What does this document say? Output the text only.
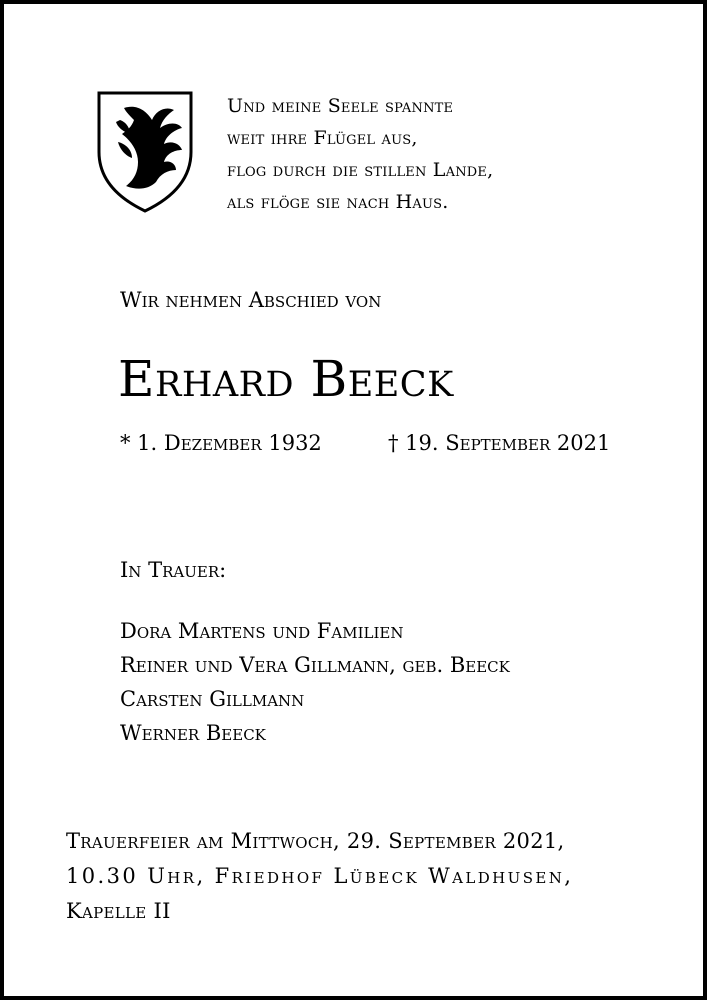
Und meine Seele spannte
weit ihre Flügel aus,
flog durch die stillen Lande,
als flöge sie nach Haus.
Wir nehmen Abschied von
Erhard Beeck
* 1. Dezember 1932	† 19. September 2021
In Trauer:
Dora Martens und Familien
Reiner und Vera Gillmann, geb. Beeck
Carsten Gillmann
Werner Beeck
Trauerfeier am Mittwoch, 29. September 2021,
10.30 Uhr, Friedhof Lübeck Waldhusen,
Kapelle II
